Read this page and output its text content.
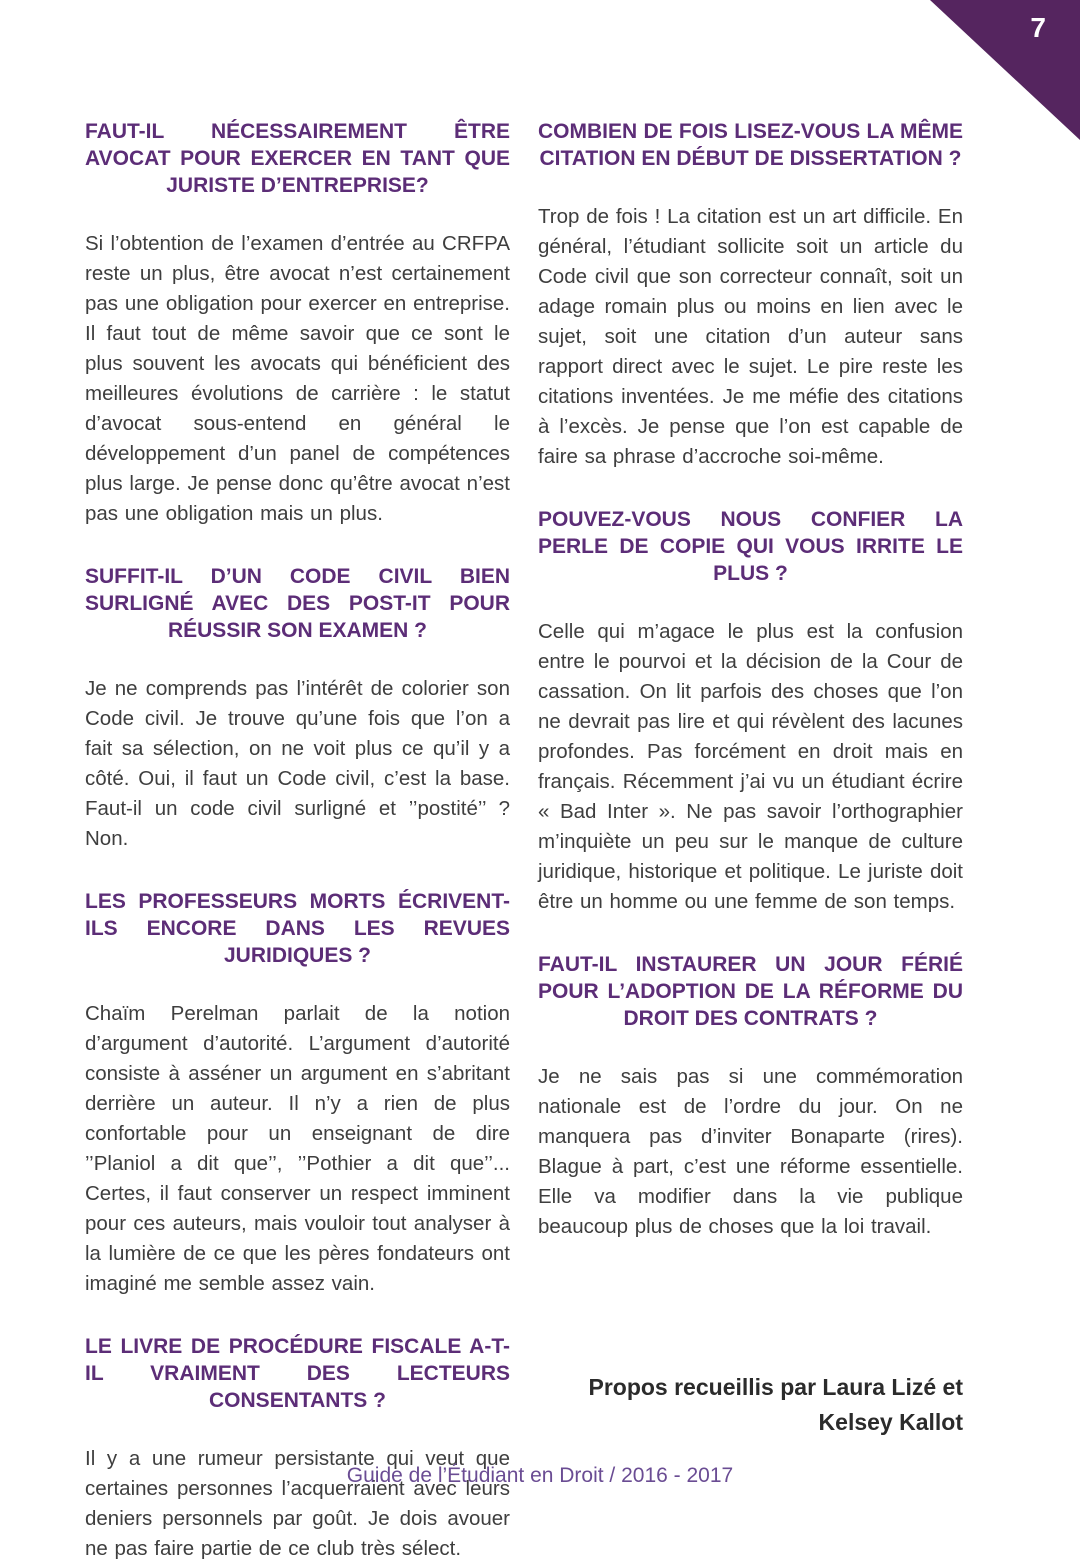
7
FAUT-IL NÉCESSAIREMENT ÊTRE AVOCAT POUR EXERCER EN TANT QUE JURISTE D’ENTREPRISE?

Si l’obtention de l’examen d’entrée au CRFPA reste un plus, être avocat n’est certainement pas une obligation pour exercer en entreprise. Il faut tout de même savoir que ce sont le plus souvent les avocats qui bénéficient des meilleures évolutions de carrière : le statut d’avocat sous-entend en général le développement d’un panel de compétences plus large. Je pense donc qu’être avocat n’est pas une obligation mais un plus.

SUFFIT-IL D’UN CODE CIVIL BIEN SURLIGNÉ AVEC DES POST-IT POUR RÉUSSIR SON EXAMEN ?

Je ne comprends pas l’intérêt de colorier son Code civil. Je trouve qu’une fois que l’on a fait sa sélection, on ne voit plus ce qu’il y a côté. Oui, il faut un Code civil, c’est la base. Faut-il un code civil surligné et ’’postité’’ ? Non.

LES PROFESSEURS MORTS ÉCRIVENT-ILS ENCORE DANS LES REVUES JURIDIQUES ?

Chaïm Perelman parlait de la notion d’argument d’autorité. L’argument d’autorité consiste à asséner un argument en s’abritant derrière un auteur. Il n’y a rien de plus confortable pour un enseignant de dire ’’Planiol a dit que’’, ’’Pothier a dit que’’... Certes, il faut conserver un respect imminent pour ces auteurs, mais vouloir tout analyser à la lumière de ce que les pères fondateurs ont imaginé me semble assez vain.

LE LIVRE DE PROCÉDURE FISCALE A-T-IL VRAIMENT DES LECTEURS CONSENTANTS ?

Il y a une rumeur persistante qui veut que certaines personnes l’acquerraient avec leurs deniers personnels par goût. Je dois avouer ne pas faire partie de ce club très sélect.

COMBIEN DE FOIS LISEZ-VOUS LA MÊME CITATION EN DÉBUT DE DISSERTATION ?

Trop de fois ! La citation est un art difficile. En général, l’étudiant sollicite soit un article du Code civil que son correcteur connaît, soit un adage romain plus ou moins en lien avec le sujet, soit une citation d’un auteur sans rapport direct avec le sujet. Le pire reste les citations inventées. Je me méfie des citations à l’excès. Je pense que l’on est capable de faire sa phrase d’accroche soi-même.

POUVEZ-VOUS NOUS CONFIER LA PERLE DE COPIE QUI VOUS IRRITE LE PLUS ?

Celle qui m’agace le plus est la confusion entre le pourvoi et la décision de la Cour de cassation. On lit parfois des choses que l’on ne devrait pas lire et qui révèlent des lacunes profondes. Pas forcément en droit mais en français. Récemment j’ai vu un étudiant écrire « Bad Inter ». Ne pas savoir l’orthographier m’inquiète un peu sur le manque de culture juridique, historique et politique. Le juriste doit être un homme ou une femme de son temps.

FAUT-IL INSTAURER UN JOUR FÉRIÉ POUR L’ADOPTION DE LA RÉFORME DU DROIT DES CONTRATS ?

Je ne sais pas si une commémoration nationale est de l’ordre du jour. On ne manquera pas d’inviter Bonaparte (rires). Blague à part, c’est une réforme essentielle. Elle va modifier dans la vie publique beaucoup plus de choses que la loi travail.

Propos recueillis par Laura Lizé et
Kelsey Kallot
Guide de l’Étudiant en Droit / 2016 - 2017
